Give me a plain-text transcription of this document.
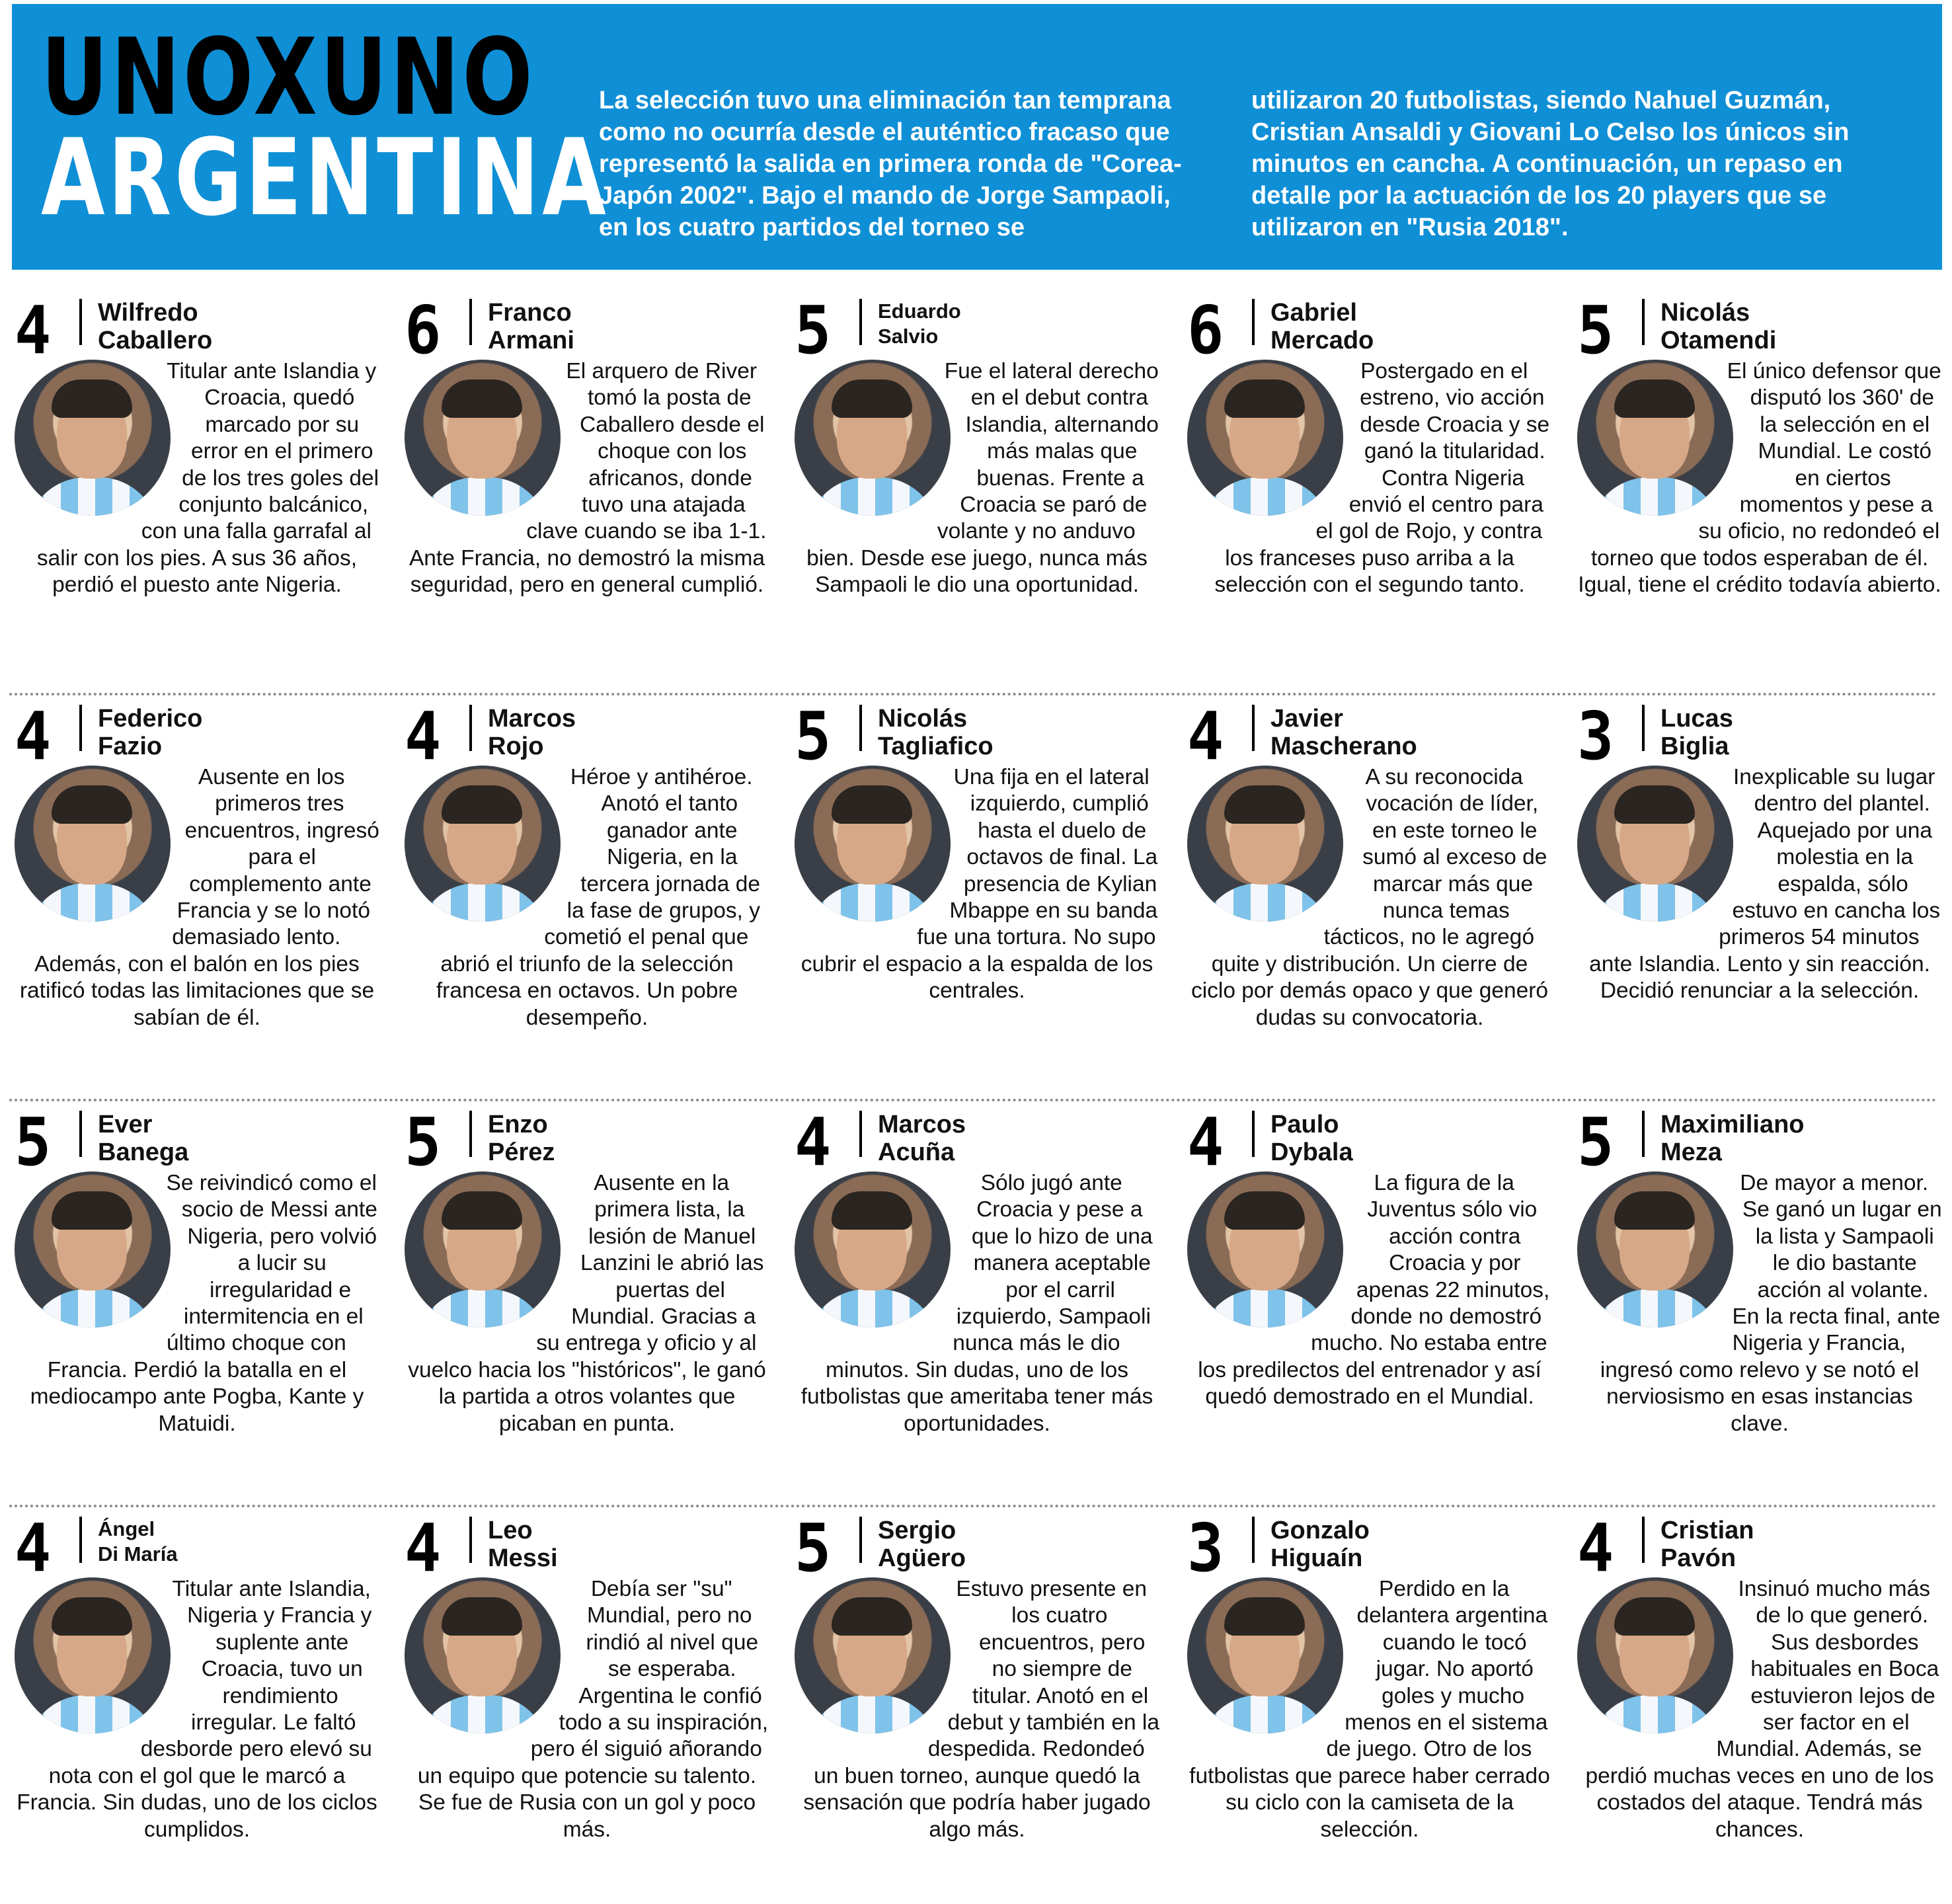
UNOXUNO
ARGENTINA
La selección tuvo una eliminación tan temprana como no ocurría desde el auténtico fracaso que representó la salida en primera ronda de "Corea-Japón 2002". Bajo el mando de Jorge Sampaoli, en los cuatro partidos del torneo se
utilizaron 20 futbolistas, siendo Nahuel Guzmán, Cristian Ansaldi y Giovani Lo Celso los únicos sin minutos en cancha. A continuación, un repaso en detalle por la actuación de los 20 players que se utilizaron en "Rusia 2018".
4 Wilfredo
Caballero
Titular ante Islandia y Croacia, quedó marcado por su error en el primero de los tres goles del conjunto balcánico, con una falla garrafal al salir con los pies. A sus 36 años, perdió el puesto ante Nigeria.
6 Franco
Armani
El arquero de River tomó la posta de Caballero desde el choque con los africanos, donde tuvo una atajada clave cuando se iba 1-1. Ante Francia, no demostró la misma seguridad, pero en general cumplió.
5 Eduardo
Salvio
Fue el lateral derecho en el debut contra Islandia, alternando más malas que buenas. Frente a Croacia se paró de volante y no anduvo bien. Desde ese juego, nunca más Sampaoli le dio una oportunidad.
6 Gabriel
Mercado
Postergado en el estreno, vio acción desde Croacia y se ganó la titularidad. Contra Nigeria envió el centro para el gol de Rojo, y contra los franceses puso arriba a la selección con el segundo tanto.
5 Nicolás
Otamendi
El único defensor que disputó los 360' de la selección en el Mundial. Le costó en ciertos momentos y pese a su oficio, no redondeó el torneo que todos esperaban de él. Igual, tiene el crédito todavía abierto.
4 Federico
Fazio
Ausente en los primeros tres encuentros, ingresó para el complemento ante Francia y se lo notó demasiado lento. Además, con el balón en los pies ratificó todas las limitaciones que se sabían de él.
4 Marcos
Rojo
Héroe y antihéroe. Anotó el tanto ganador ante Nigeria, en la tercera jornada de la fase de grupos, y cometió el penal que abrió el triunfo de la selección francesa en octavos. Un pobre desempeño.
5 Nicolás
Tagliafico
Una fija en el lateral izquierdo, cumplió hasta el duelo de octavos de final. La presencia de Kylian Mbappe en su banda fue una tortura. No supo cubrir el espacio a la espalda de los centrales.
4 Javier
Mascherano
A su reconocida vocación de líder, en este torneo le sumó al exceso de marcar más que nunca temas tácticos, no le agregó quite y distribución. Un cierre de ciclo por demás opaco y que generó dudas su convocatoria.
3 Lucas
Biglia
Inexplicable su lugar dentro del plantel. Aquejado por una molestia en la espalda, sólo estuvo en cancha los primeros 54 minutos ante Islandia. Lento y sin reacción. Decidió renunciar a la selección.
5 Ever
Banega
Se reivindicó como el socio de Messi ante Nigeria, pero volvió a lucir su irregularidad e intermitencia en el último choque con Francia. Perdió la batalla en el mediocampo ante Pogba, Kante y Matuidi.
5 Enzo
Pérez
Ausente en la primera lista, la lesión de Manuel Lanzini le abrió las puertas del Mundial. Gracias a su entrega y oficio y al vuelco hacia los "históricos", le ganó la partida a otros volantes que picaban en punta.
4 Marcos
Acuña
Sólo jugó ante Croacia y pese a que lo hizo de una manera aceptable por el carril izquierdo, Sampaoli nunca más le dio minutos. Sin dudas, uno de los futbolistas que ameritaba tener más oportunidades.
4 Paulo
Dybala
La figura de la Juventus sólo vio acción contra Croacia y por apenas 22 minutos, donde no demostró mucho. No estaba entre los predilectos del entrenador y así quedó demostrado en el Mundial.
5 Maximiliano
Meza
De mayor a menor. Se ganó un lugar en la lista y Sampaoli le dio bastante acción al volante. En la recta final, ante Nigeria y Francia, ingresó como relevo y se notó el nerviosismo en esas instancias clave.
4 Ángel
Di María
Titular ante Islandia, Nigeria y Francia y suplente ante Croacia, tuvo un rendimiento irregular. Le faltó desborde pero elevó su nota con el gol que le marcó a Francia. Sin dudas, uno de los ciclos cumplidos.
4 Leo
Messi
Debía ser "su" Mundial, pero no rindió al nivel que se esperaba. Argentina le confió todo a su inspiración, pero él siguió añorando un equipo que potencie su talento. Se fue de Rusia con un gol y poco más.
5 Sergio
Agüero
Estuvo presente en los cuatro encuentros, pero no siempre de titular. Anotó en el debut y también en la despedida. Redondeó un buen torneo, aunque quedó la sensación que podría haber jugado algo más.
3 Gonzalo
Higuaín
Perdido en la delantera argentina cuando le tocó jugar. No aportó goles y mucho menos en el sistema de juego. Otro de los futbolistas que parece haber cerrado su ciclo con la camiseta de la selección.
4 Cristian
Pavón
Insinuó mucho más de lo que generó. Sus desbordes habituales en Boca estuvieron lejos de ser factor en el Mundial. Además, se perdió muchas veces en uno de los costados del ataque. Tendrá más chances.
